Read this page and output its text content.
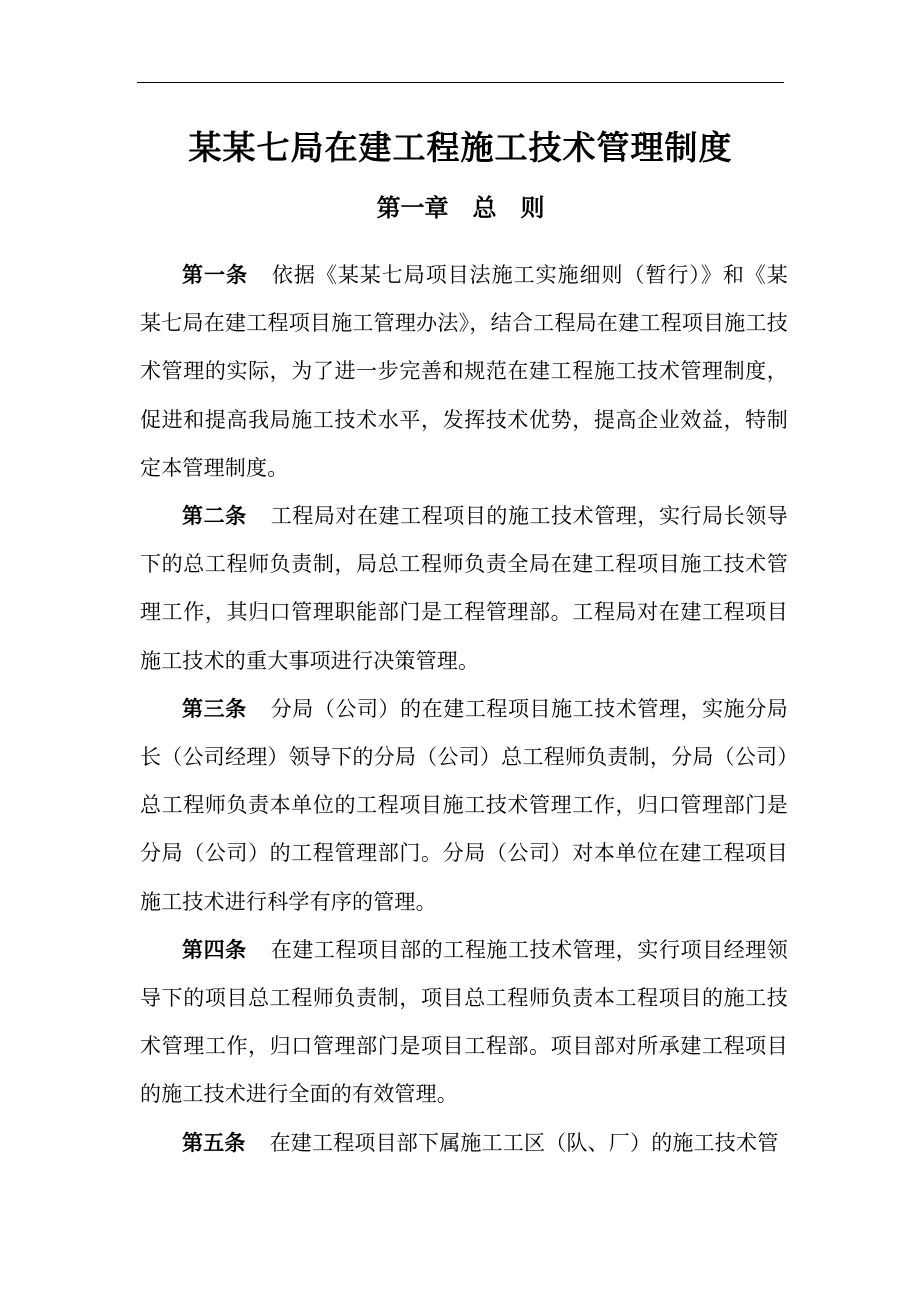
某某七局在建工程施工技术管理制度
第一章　总　则

第一条 依据《某某七局项目法施工实施细则（暂行）》和《某某七局在建工程项目施工管理办法》，结合工程局在建工程项目施工技术管理的实际，为了进一步完善和规范在建工程施工技术管理制度，促进和提高我局施工技术水平，发挥技术优势，提高企业效益，特制定本管理制度。

第二条 工程局对在建工程项目的施工技术管理，实行局长领导下的总工程师负责制，局总工程师负责全局在建工程项目施工技术管理工作，其归口管理职能部门是工程管理部。工程局对在建工程项目施工技术的重大事项进行决策管理。

第三条 分局（公司）的在建工程项目施工技术管理，实施分局长（公司经理）领导下的分局（公司）总工程师负责制，分局（公司）总工程师负责本单位的工程项目施工技术管理工作，归口管理部门是分局（公司）的工程管理部门。分局（公司）对本单位在建工程项目施工技术进行科学有序的管理。

第四条 在建工程项目部的工程施工技术管理，实行项目经理领导下的项目总工程师负责制，项目总工程师负责本工程项目的施工技术管理工作，归口管理部门是项目工程部。项目部对所承建工程项目的施工技术进行全面的有效管理。

第五条 在建工程项目部下属施工工区（队、厂）的施工技术管
